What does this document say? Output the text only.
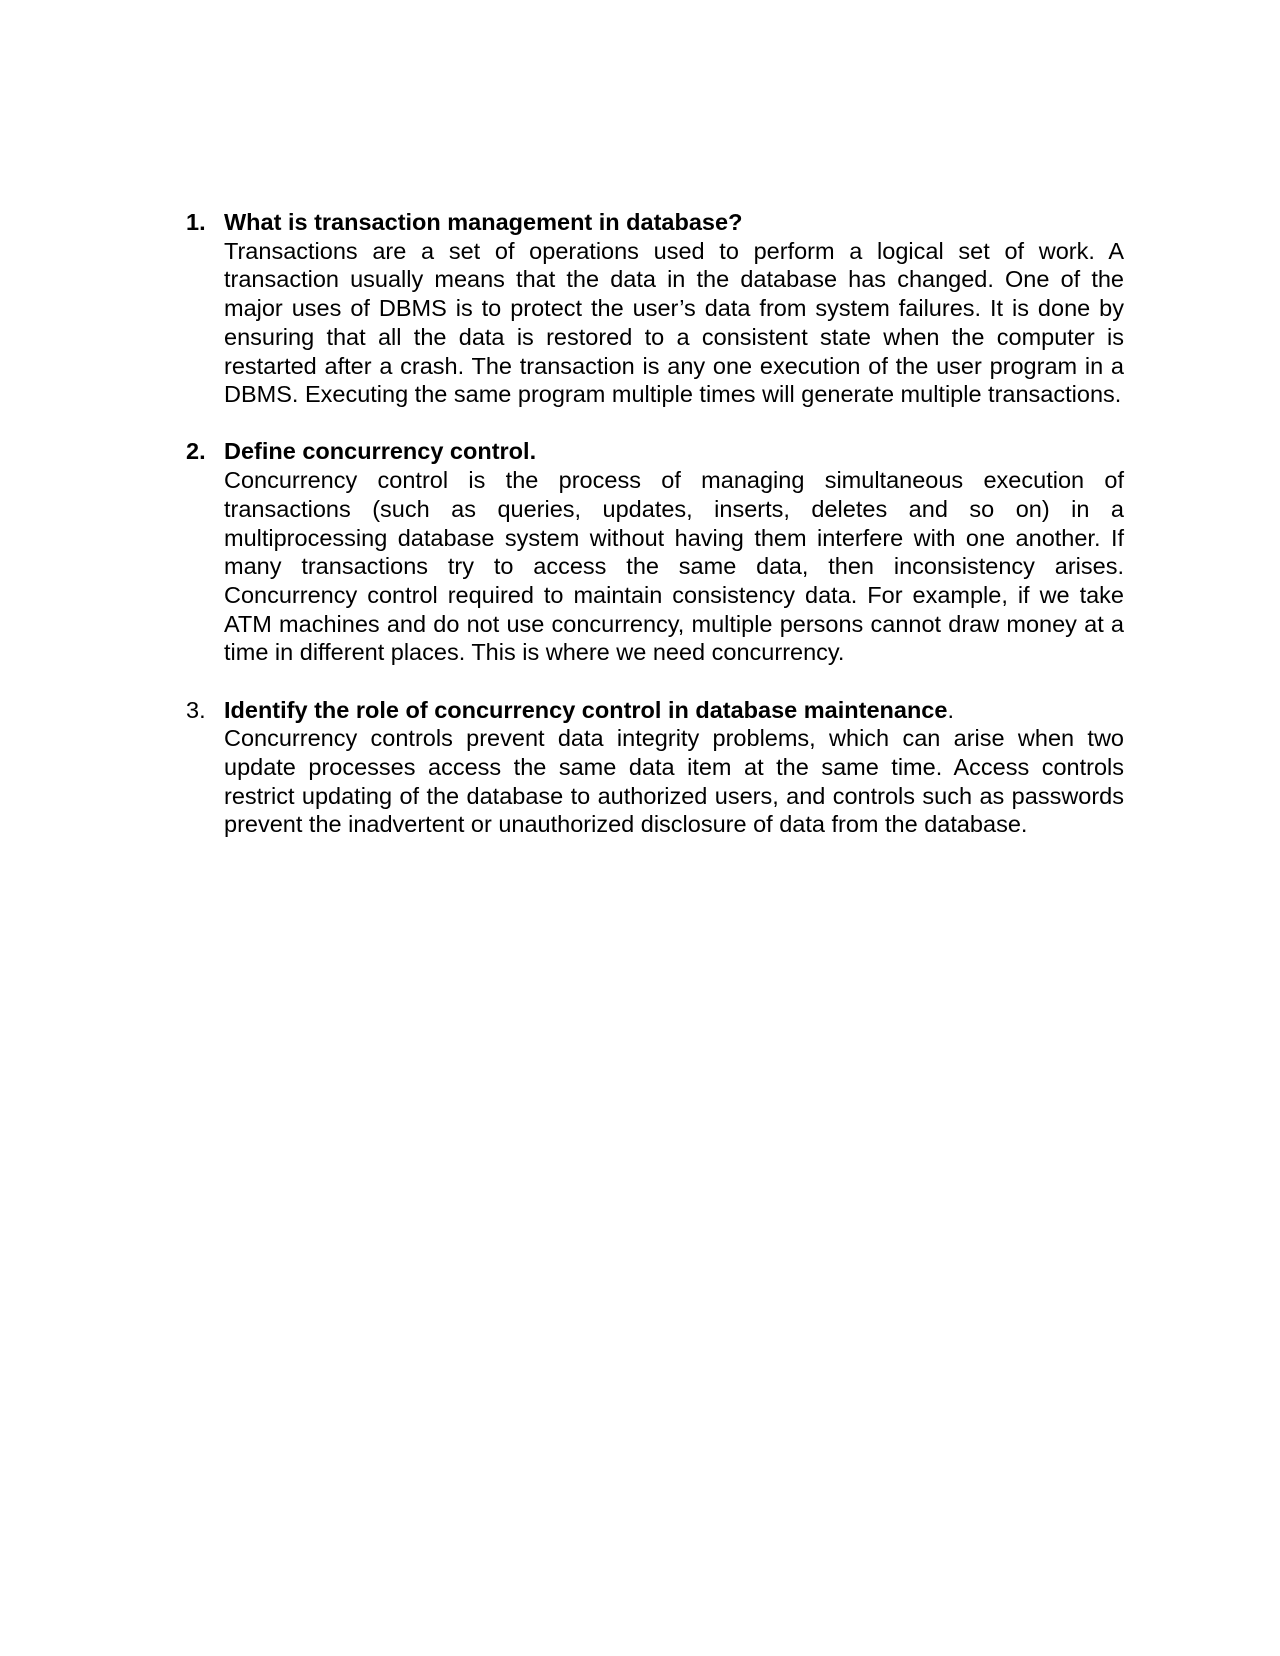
1. What is transaction management in database?

Transactions are a set of operations used to perform a logical set of work. A transaction usually means that the data in the database has changed. One of the major uses of DBMS is to protect the user’s data from system failures. It is done by ensuring that all the data is restored to a consistent state when the computer is restarted after a crash. The transaction is any one execution of the user program in a DBMS. Executing the same program multiple times will generate multiple transactions.

2. Define concurrency control.

Concurrency control is the process of managing simultaneous execution of transactions (such as queries, updates, inserts, deletes and so on) in a multiprocessing database system without having them interfere with one another. If many transactions try to access the same data, then inconsistency arises. Concurrency control required to maintain consistency data. For example, if we take ATM machines and do not use concurrency, multiple persons cannot draw money at a time in different places. This is where we need concurrency.

3. Identify the role of concurrency control in database maintenance.

Concurrency controls prevent data integrity problems, which can arise when two update processes access the same data item at the same time. Access controls restrict updating of the database to authorized users, and controls such as passwords prevent the inadvertent or unauthorized disclosure of data from the database.
